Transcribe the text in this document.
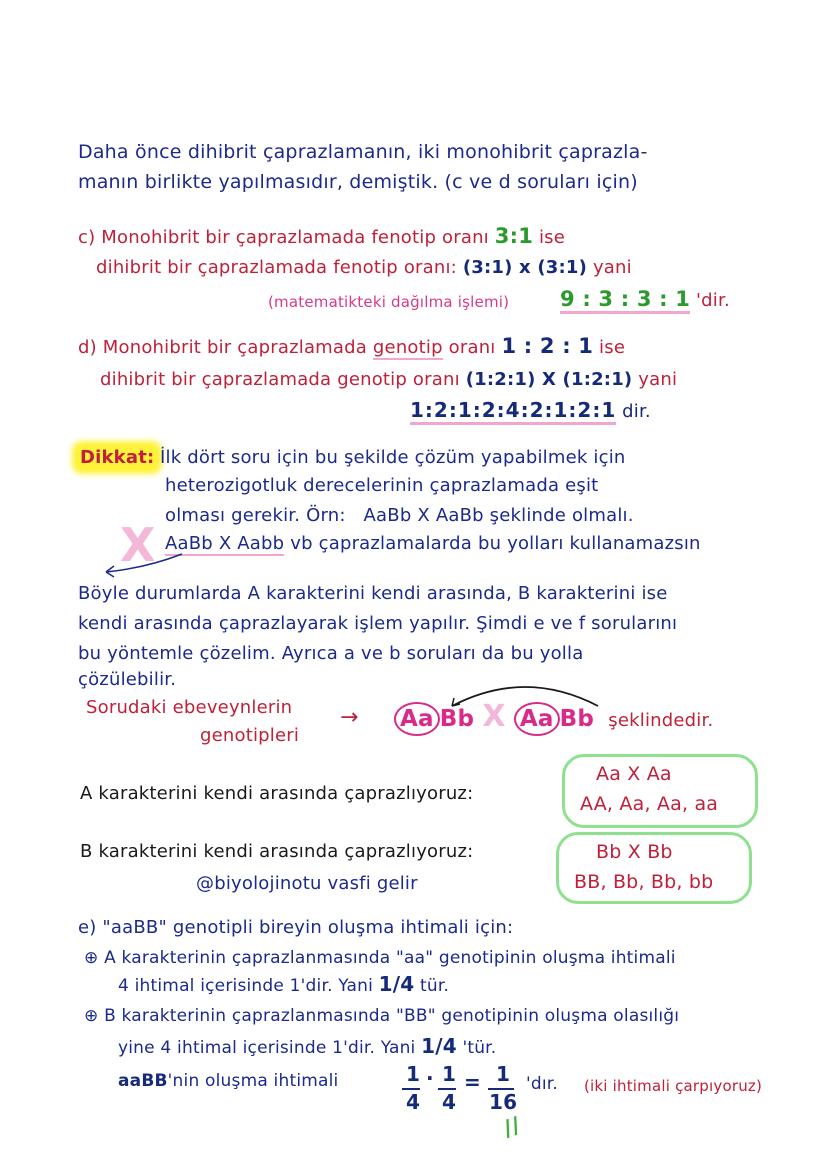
Daha önce dihibrit çaprazlamanın, iki monohibrit çaprazla-
manın birlikte yapılmasıdır, demiştik. (c ve d soruları için)
c) Monohibrit bir çaprazlamada fenotip oranı 3:1 ise
dihibrit bir çaprazlamada fenotip oranı: (3:1) x (3:1) yani
(matematikteki dağılma işlemi) 9 : 3 : 3 : 1 'dir.
d) Monohibrit bir çaprazlamada genotip oranı 1 : 2 : 1 ise
dihibrit bir çaprazlamada genotip oranı (1:2:1) X (1:2:1) yani
1:2:1:2:4:2:1:2:1 dir.
Dikkat: İlk dört soru için bu şekilde çözüm yapabilmek için
heterozigotluk derecelerinin çaprazlamada eşit
olması gerekir. Örn: AaBb X AaBb şeklinde olmalı.
X AaBb X Aabb vb çaprazlamalarda bu yolları kullanamazsın
Böyle durumlarda A karakterini kendi arasında, B karakterini ise
kendi arasında çaprazlayarak işlem yapılır. Şimdi e ve f sorularını
bu yöntemle çözelim. Ayrıca a ve b soruları da bu yolla
çözülebilir.
Sorudaki ebeveynlerin
genotipleri
→ Aa Bb X Aa Bb şeklindedir.
A karakterini kendi arasında çaprazlıyoruz:
Aa X Aa
AA, Aa, Aa, aa
B karakterini kendi arasında çaprazlıyoruz:	Bb X Bb
BB, Bb, Bb, bb
@biyolojinotu vasfi gelir
e) "aaBB" genotipli bireyin oluşma ihtimali için:
⊕ A karakterinin çaprazlanmasında "aa" genotipinin oluşma ihtimali
4 ihtimal içerisinde 1'dir. Yani 1/4 tür.
⊕ B karakterinin çaprazlanmasında "BB" genotipinin oluşma olasılığı
yine 4 ihtimal içerisinde 1'dir. Yani 1/4 'tür.
aaBB'nin oluşma ihtimali	1
4
· 1
4
= 1
16
'dır. (iki ihtimali çarpıyoruz)
//
